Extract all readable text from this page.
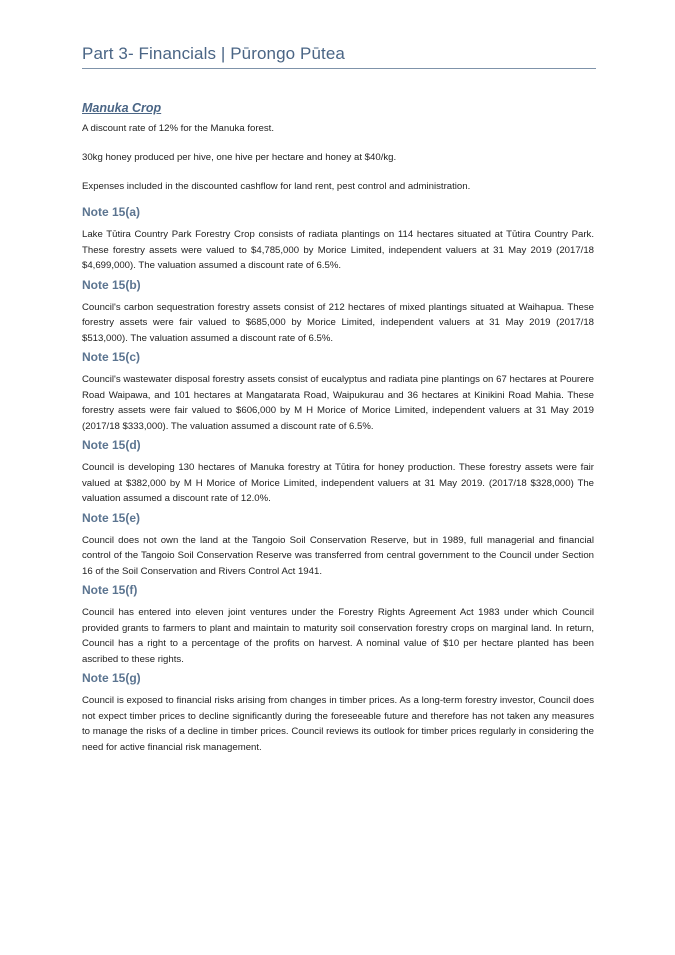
Part 3- Financials | Pūrongo Pūtea
Manuka Crop

A discount rate of 12% for the Manuka forest.

30kg honey produced per hive, one hive per hectare and honey at $40/kg.

Expenses included in the discounted cashflow for land rent, pest control and administration.

Note 15(a)

Lake Tūtira Country Park Forestry Crop consists of radiata plantings on 114 hectares situated at Tūtira Country Park. These forestry assets were valued to $4,785,000 by Morice Limited, independent valuers at 31 May 2019 (2017/18 $4,699,000). The valuation assumed a discount rate of 6.5%.

Note 15(b)

Council's carbon sequestration forestry assets consist of 212 hectares of mixed plantings situated at Waihapua. These forestry assets were fair valued to $685,000 by Morice Limited, independent valuers at 31 May 2019 (2017/18 $513,000). The valuation assumed a discount rate of 6.5%.

Note 15(c)

Council's wastewater disposal forestry assets consist of eucalyptus and radiata pine plantings on 67 hectares at Pourere Road Waipawa, and 101 hectares at Mangatarata Road, Waipukurau and 36 hectares at Kinikini Road Mahia. These forestry assets were fair valued to $606,000 by M H Morice of Morice Limited, independent valuers at 31 May 2019 (2017/18 $333,000). The valuation assumed a discount rate of 6.5%.

Note 15(d)

Council is developing 130 hectares of Manuka forestry at Tūtira for honey production. These forestry assets were fair valued at $382,000 by M H Morice of Morice Limited, independent valuers at 31 May 2019. (2017/18 $328,000) The valuation assumed a discount rate of 12.0%.

Note 15(e)

Council does not own the land at the Tangoio Soil Conservation Reserve, but in 1989, full managerial and financial control of the Tangoio Soil Conservation Reserve was transferred from central government to the Council under Section 16 of the Soil Conservation and Rivers Control Act 1941.

Note 15(f)

Council has entered into eleven joint ventures under the Forestry Rights Agreement Act 1983 under which Council provided grants to farmers to plant and maintain to maturity soil conservation forestry crops on marginal land. In return, Council has a right to a percentage of the profits on harvest. A nominal value of $10 per hectare planted has been ascribed to these rights.

Note 15(g)

Council is exposed to financial risks arising from changes in timber prices. As a long-term forestry investor, Council does not expect timber prices to decline significantly during the foreseeable future and therefore has not taken any measures to manage the risks of a decline in timber prices. Council reviews its outlook for timber prices regularly in considering the need for active financial risk management.
